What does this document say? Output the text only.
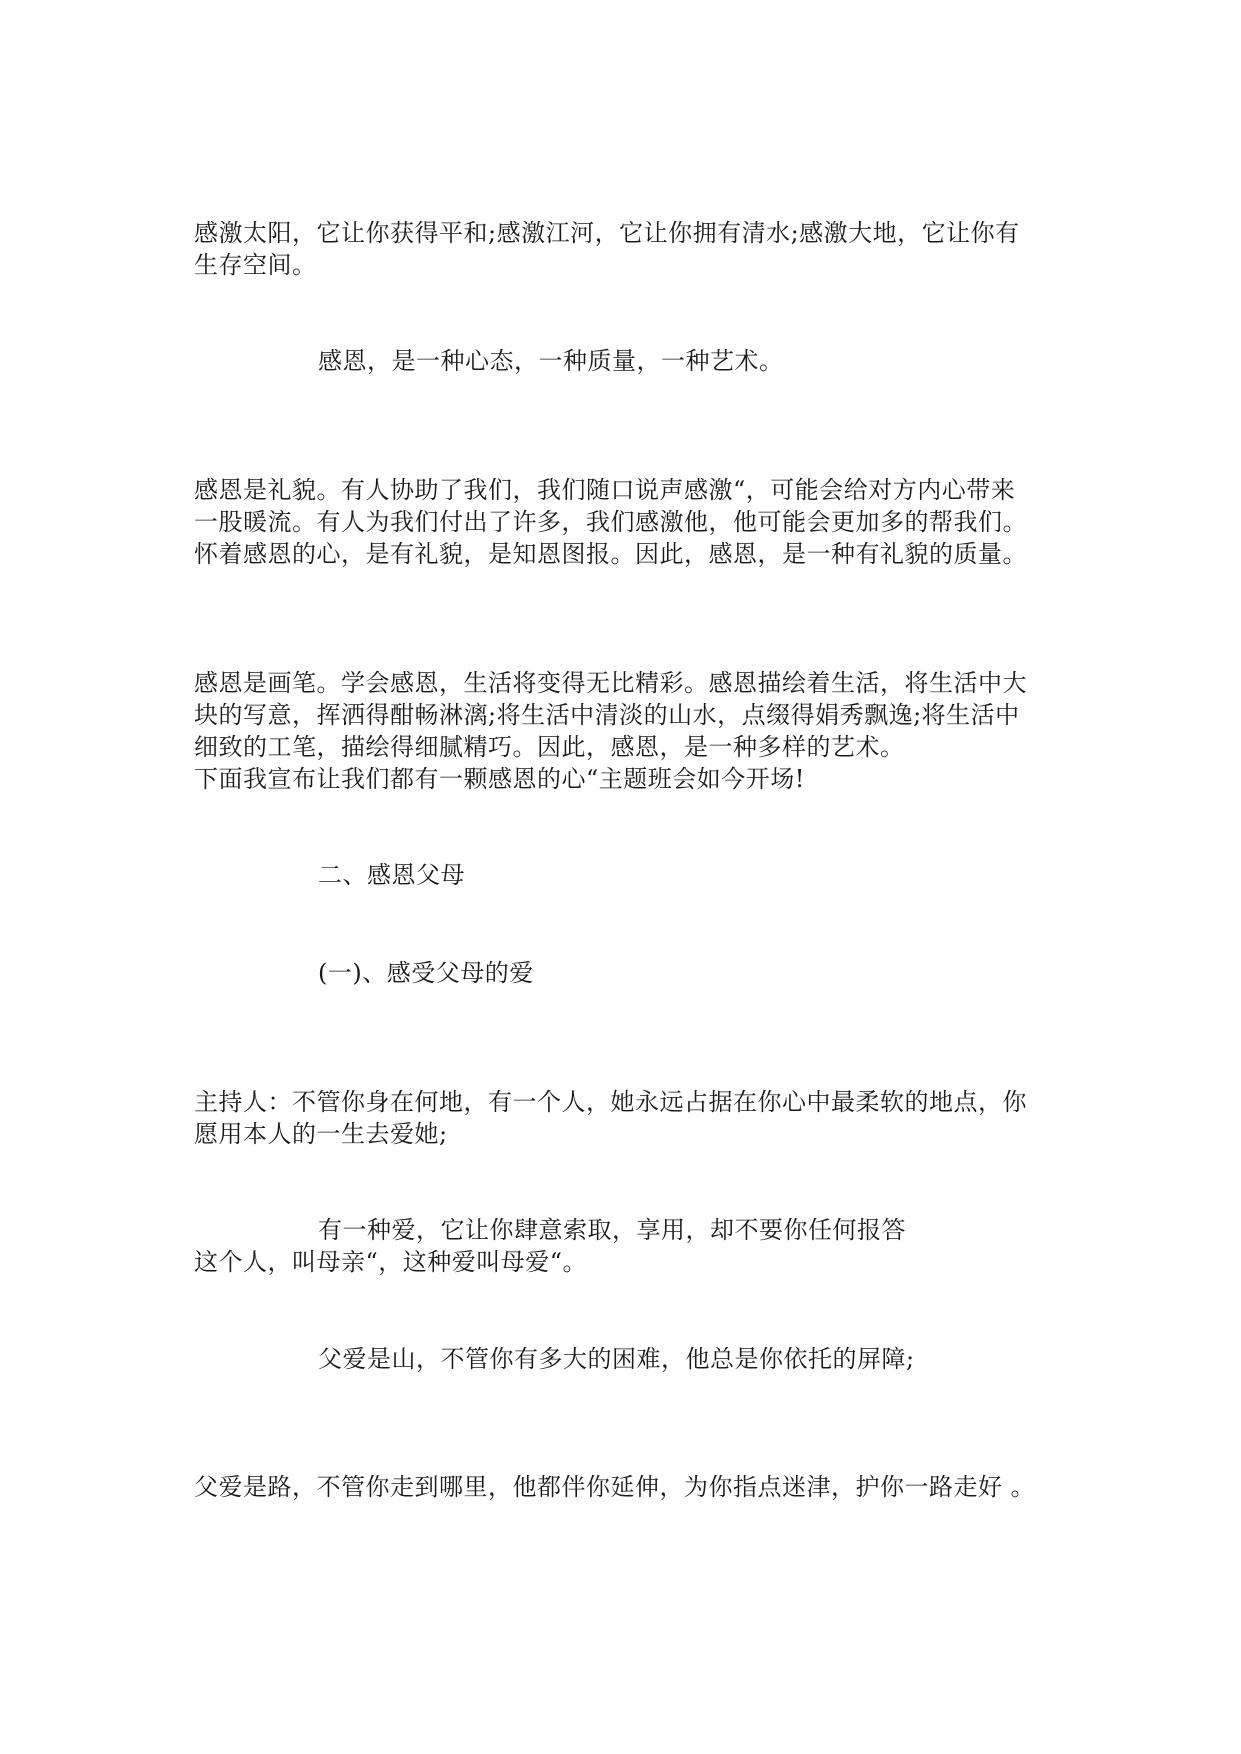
感激太阳，它让你获得平和;感激江河，它让你拥有清水;感激大地，它让你有
生存空间。

感恩，是一种心态，一种质量，一种艺术。

感恩是礼貌。有人协助了我们，我们随口说声感激“，可能会给对方内心带来
一股暖流。有人为我们付出了许多，我们感激他，他可能会更加多的帮我们。
怀着感恩的心，是有礼貌，是知恩图报。因此，感恩，是一种有礼貌的质量。

感恩是画笔。学会感恩，生活将变得无比精彩。感恩描绘着生活，将生活中大
块的写意，挥洒得酣畅淋漓;将生活中清淡的山水，点缀得娟秀飘逸;将生活中
细致的工笔，描绘得细腻精巧。因此，感恩，是一种多样的艺术。
下面我宣布让我们都有一颗感恩的心“主题班会如今开场!

二、感恩父母

(一)、感受父母的爱

主持人：不管你身在何地，有一个人，她永远占据在你心中最柔软的地点，你
愿用本人的一生去爱她;

有一种爱，它让你肆意索取，享用，却不要你任何报答

这个人，叫母亲“，这种爱叫母爱“。

父爱是山，不管你有多大的困难，他总是你依托的屏障;

父爱是路，不管你走到哪里，他都伴你延伸，为你指点迷津，护你一路走好 。
